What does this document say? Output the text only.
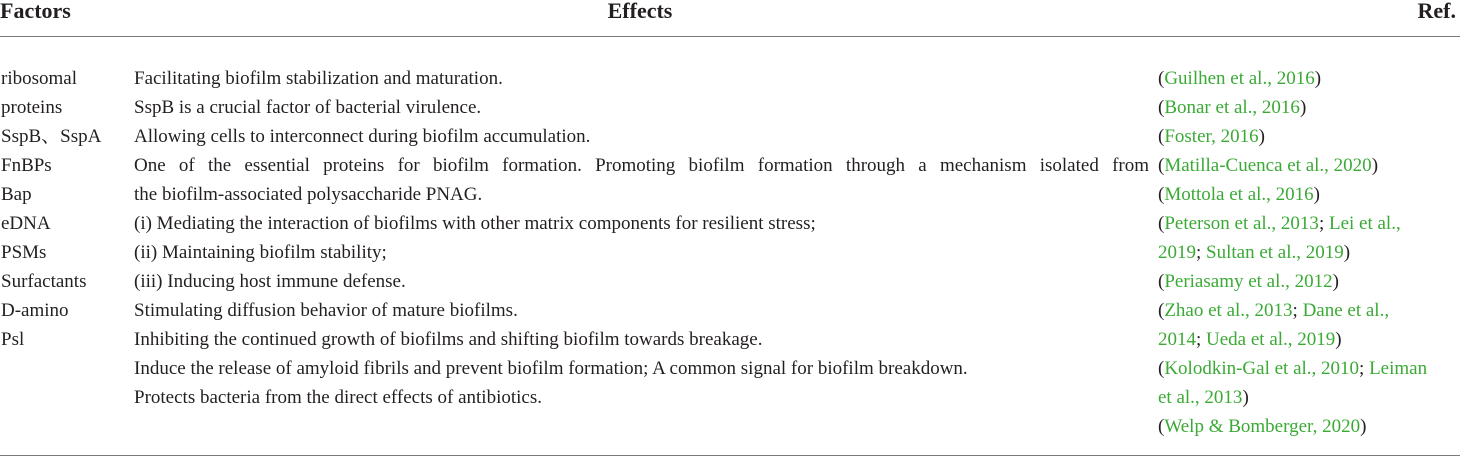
Factors	Effects	Ref.
ribosomal
proteins
SspB、SspA
FnBPs
Bap
eDNA
PSMs
Surfactants
D-amino
Psl
Facilitating biofilm stabilization and maturation.
SspB is a crucial factor of bacterial virulence.
Allowing cells to interconnect during biofilm accumulation.
One of the essential proteins for biofilm formation. Promoting biofilm formation through a mechanism isolated from
the biofilm-associated polysaccharide PNAG.
(i) Mediating the interaction of biofilms with other matrix components for resilient stress;
(ii) Maintaining biofilm stability;
(iii) Inducing host immune defense.
Stimulating diffusion behavior of mature biofilms.
Inhibiting the continued growth of biofilms and shifting biofilm towards breakage.
Induce the release of amyloid fibrils and prevent biofilm formation; A common signal for biofilm breakdown.
Protects bacteria from the direct effects of antibiotics.
(Guilhen et al., 2016)
(Bonar et al., 2016)
(Foster, 2016)
(Matilla-Cuenca et al., 2020)
(Mottola et al., 2016)
(Peterson et al., 2013; Lei et al.,
2019; Sultan et al., 2019)
(Periasamy et al., 2012)
(Zhao et al., 2013; Dane et al.,
2014; Ueda et al., 2019)
(Kolodkin-Gal et al., 2010; Leiman
et al., 2013)
(Welp & Bomberger, 2020)
